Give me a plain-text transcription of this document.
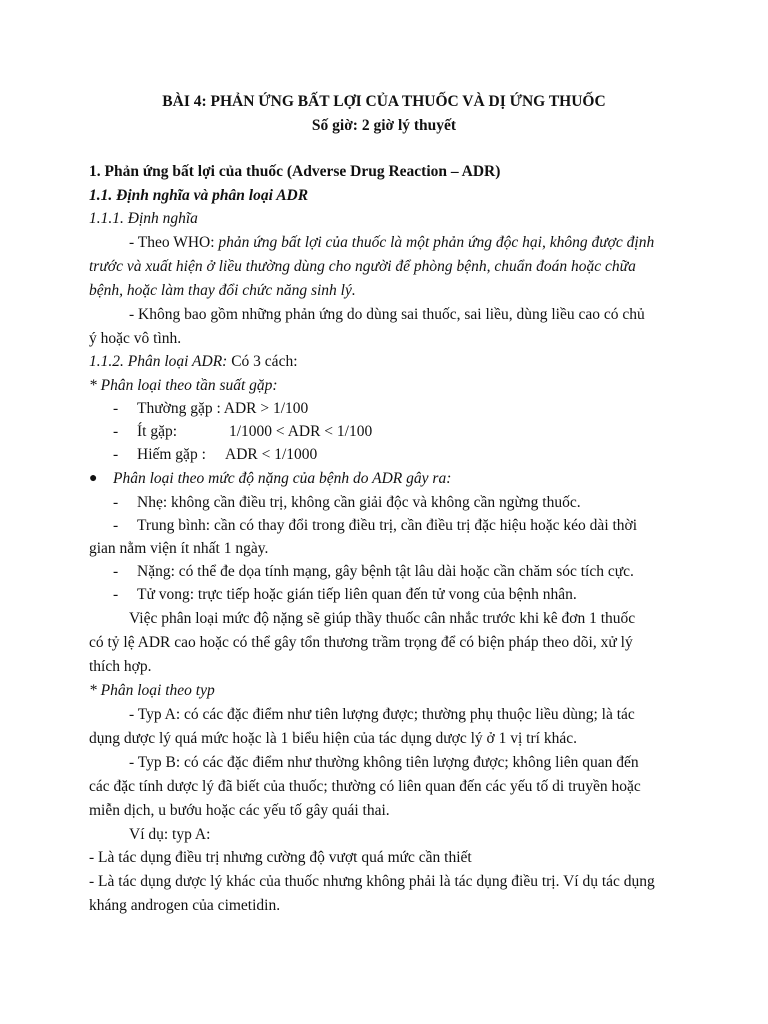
BÀI 4: PHẢN ỨNG BẤT LỢI CỦA THUỐC VÀ DỊ ỨNG THUỐC
Số giờ: 2 giờ lý thuyết
1. Phản ứng bất lợi của thuốc (Adverse Drug Reaction – ADR)
1.1. Định nghĩa và phân loại ADR
1.1.1. Định nghĩa
- Theo WHO: phản ứng bất lợi của thuốc là một phản ứng độc hại, không được định
trước và xuất hiện ở liều thường dùng cho người để phòng bệnh, chuẩn đoán hoặc chữa
bệnh, hoặc làm thay đổi chức năng sinh lý.
- Không bao gồm những phản ứng do dùng sai thuốc, sai liều, dùng liều cao có chủ
ý hoặc vô tình.
1.1.2. Phân loại ADR: Có 3 cách:
* Phân loại theo tần suất gặp:
- Thường gặp : ADR > 1/100
- Ít gặp:	1/1000 < ADR < 1/100
- Hiếm gặp : ADR < 1/1000
● Phân loại theo mức độ nặng của bệnh do ADR gây ra:
- Nhẹ: không cần điều trị, không cần giải độc và không cần ngừng thuốc.
- Trung bình: cần có thay đổi trong điều trị, cần điều trị đặc hiệu hoặc kéo dài thời
gian nằm viện ít nhất 1 ngày.
- Nặng: có thể đe dọa tính mạng, gây bệnh tật lâu dài hoặc cần chăm sóc tích cực.
- Tử vong: trực tiếp hoặc gián tiếp liên quan đến tử vong của bệnh nhân.
Việc phân loại mức độ nặng sẽ giúp thầy thuốc cân nhắc trước khi kê đơn 1 thuốc
có tỷ lệ ADR cao hoặc có thể gây tổn thương trầm trọng để có biện pháp theo dõi, xử lý
thích hợp.
* Phân loại theo typ
- Typ A: có các đặc điểm như tiên lượng được; thường phụ thuộc liều dùng; là tác
dụng dược lý quá mức hoặc là 1 biểu hiện của tác dụng dược lý ở 1 vị trí khác.
- Typ B: có các đặc điểm như thường không tiên lượng được; không liên quan đến
các đặc tính dược lý đã biết của thuốc; thường có liên quan đến các yếu tố di truyền hoặc
miễn dịch, u bướu hoặc các yếu tố gây quái thai.
Ví dụ: typ A:
- Là tác dụng điều trị nhưng cường độ vượt quá mức cần thiết
- Là tác dụng dược lý khác của thuốc nhưng không phải là tác dụng điều trị. Ví dụ tác dụng
kháng androgen của cimetidin.
